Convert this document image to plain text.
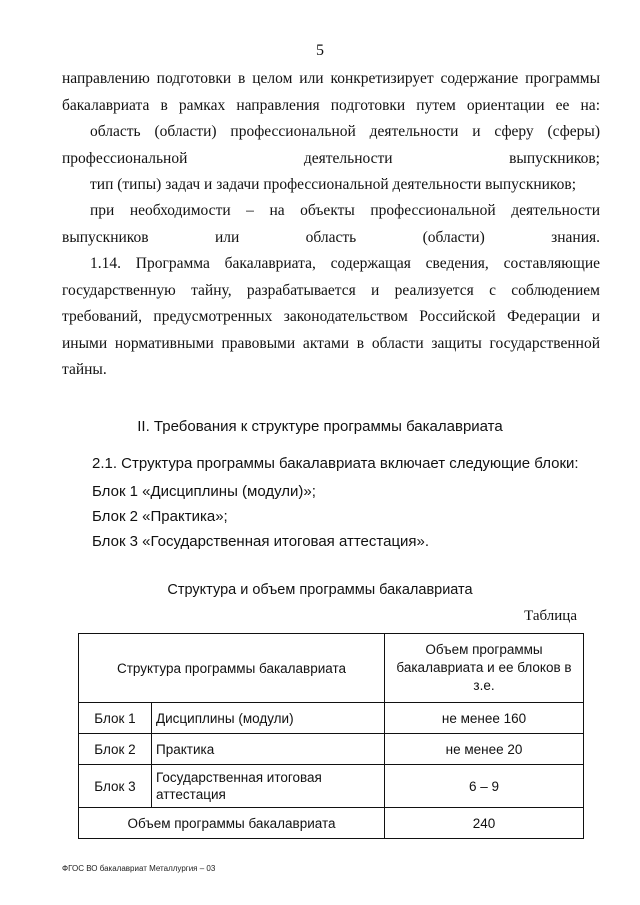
5

направлению подготовки в целом или конкретизирует содержание программы бакалавриата в рамках направления подготовки путем ориентации ее на:

область (области) профессиональной деятельности и сферу (сферы) профессиональной деятельности выпускников;

тип (типы) задач и задачи профессиональной деятельности выпускников;

при необходимости – на объекты профессиональной деятельности выпускников или область (области) знания.

1.14. Программа бакалавриата, содержащая сведения, составляющие государственную тайну, разрабатывается и реализуется с соблюдением требований, предусмотренных законодательством Российской Федерации и иными нормативными правовыми актами в области защиты государственной тайны.

II. Требования к структуре программы бакалавриата
2.1. Структура программы бакалавриата включает следующие блоки:
Блок 1 «Дисциплины (модули)»;
Блок 2 «Практика»;
Блок 3 «Государственная итоговая аттестация».
Структура и объем программы бакалавриата
Таблица
Структура программы бакалавриата		Объем программы бакалавриата и ее блоков в з.е.
Блок 1	Дисциплины (модули)	не менее 160
Блок 2	Практика	не менее 20
Блок 3	Государственная итоговая аттестация	6 – 9
Объем программы бакалавриата		240
ФГОС ВО бакалавриат Металлургия – 03
